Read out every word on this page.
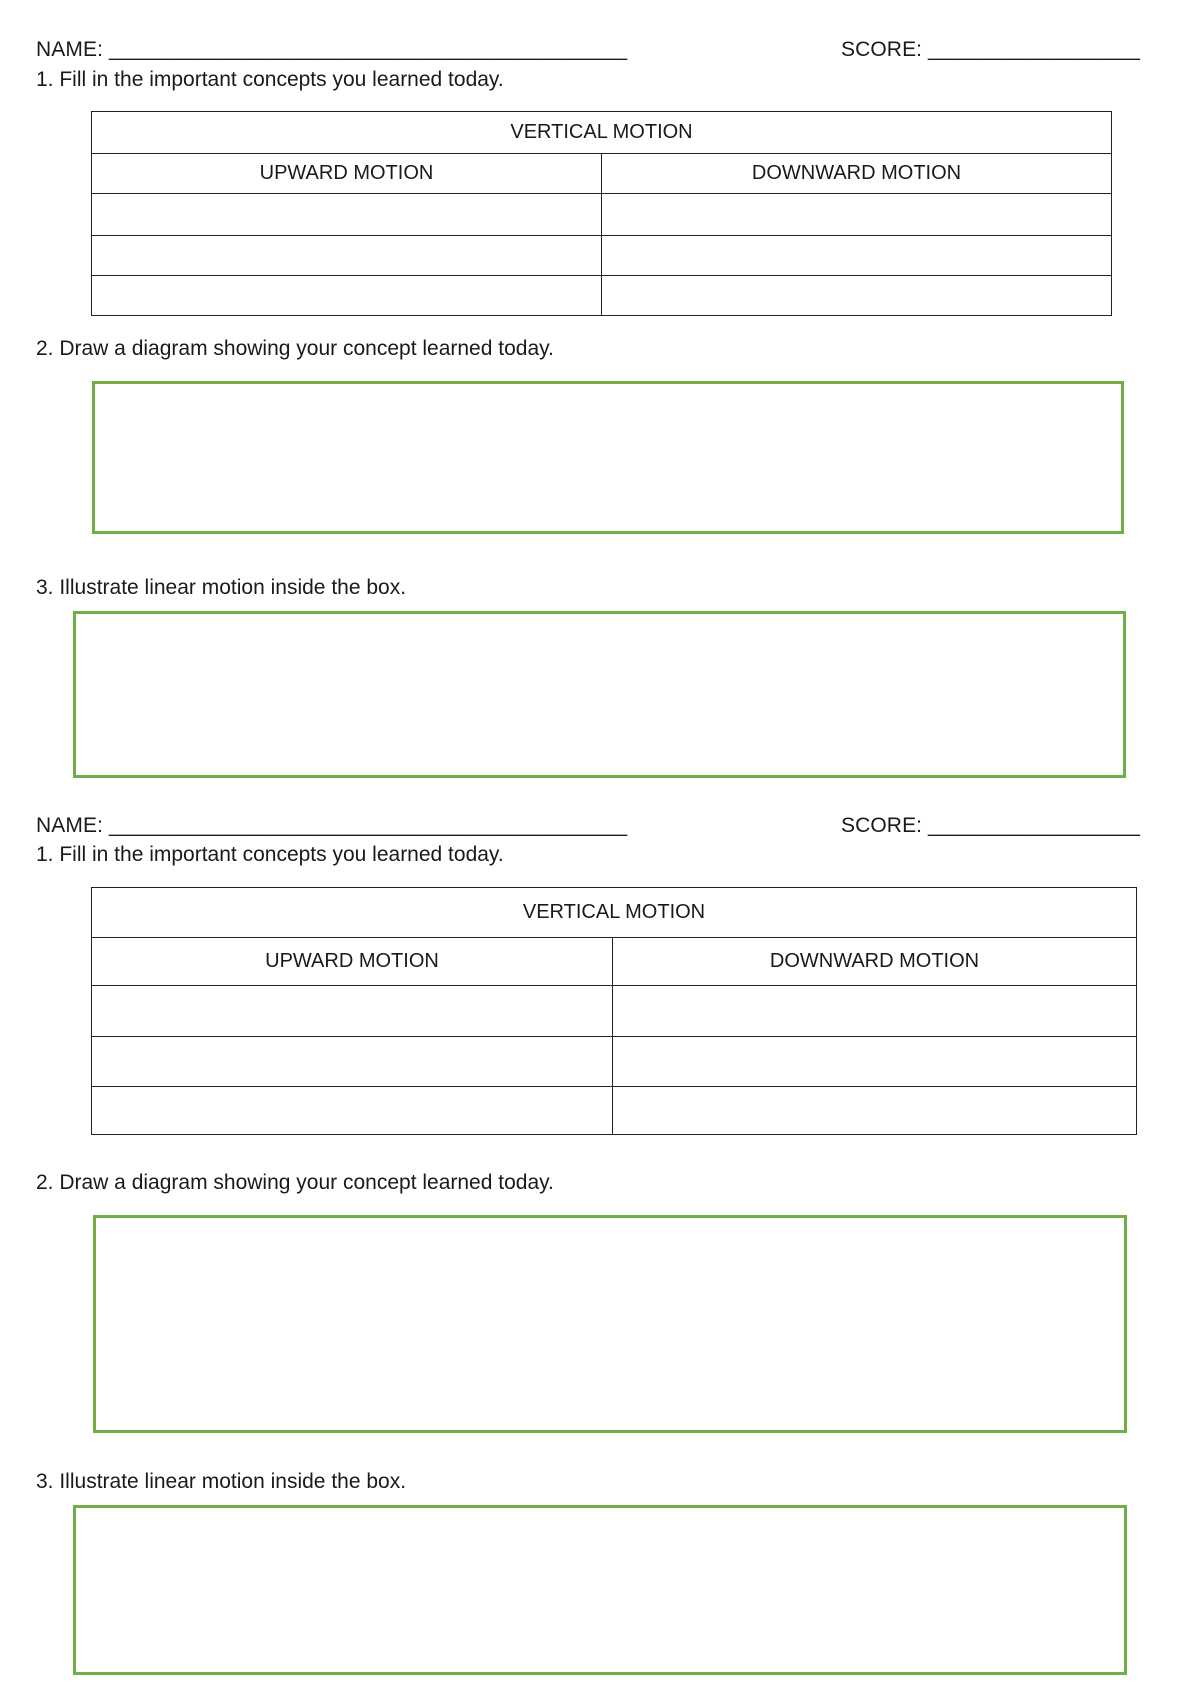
NAME: ____________________________________________	SCORE: __________________
1. Fill in the important concepts you learned today.
VERTICAL MOTION	
UPWARD MOTION	DOWNWARD MOTION

2. Draw a diagram showing your concept learned today.
3. Illustrate linear motion inside the box.
NAME: ____________________________________________	SCORE: __________________
1. Fill in the important concepts you learned today.
VERTICAL MOTION	
UPWARD MOTION	DOWNWARD MOTION

2. Draw a diagram showing your concept learned today.
3. Illustrate linear motion inside the box.
